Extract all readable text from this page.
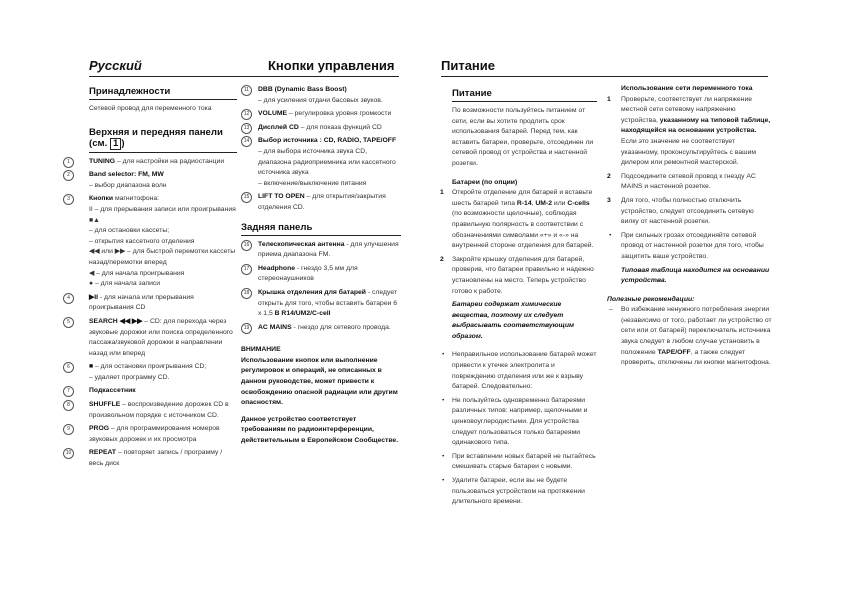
Русский	Кнопки управления	Питание
Принадлежности

Сетевой провод для переменного тока

Верхняя и передняя панели (см. 1 )
1	TUNING – для настройки на радиостанции
2	Band selector: FM, MW
– выбор диапазона волн
3	Кнопки магнитофона:
II – для прерывания записи или проигрывания
■▲
– для остановки кассеты;
– открытия кассетного отделения
◀◀ или ▶▶ – для быстрой перемотки кассеты назад/перемотки вперед
◀ – для начала проигрывания
● – для начала записи
4	▶II - для начала или прерывания проигрывания CD
5	SEARCH ◀◀ ▶▶ – CD: для перехода через звуковые дорожки или поиска определенного пассажа/звуковой дорожки в направлении назад или вперед
6	■ – для остановки проигрывания CD;
– удаляет программу CD.
7	Подкассетник
8	SHUFFLE – воспроизведение дорожек CD в произвольном порядке с источником CD.
9	PROG – для программирования номеров звуковых дорожек и их просмотра
10	REPEAT – повторяет запись / программу / весь диск
11	DBB (Dynamic Bass Boost)
– для усиления отдачи басовых звуков.
12	VOLUME – регулировка уровня громкости
13	Дисплей CD – для показа функций CD
14	Выбор источника : CD, RADIO, TAPE/OFF
– для выбора источника звука CD, диапазона радиоприемника или кассетного источника звука
– включение/выключение питания
15	LIFT TO OPEN – для открытия/закрытия отделения CD.
Задняя панель
16	Телескопическая антенна - для улучшения приема диапазона FM.
17	Headphone - гнездо 3,5 мм для стереонаушников
18	Крышка отделения для батарей - следует открыть для того, чтобы вставить батареи 6 x 1,5 В R14/UM2/C-cell
19	AC MAINS - гнездо для сетевого провода.

ВНИМАНИЕ

Использование кнопок или выполнение регулировок и операций, не описанных в данном руководстве, может привести к освобождению опасной радиации или другим опасностям.

Данное устройство соответствует требованиям по радиоинтерференции, действительным в Европейском Сообществе.

Питание

По возможности пользуйтесь питанием от сети, если вы хотите продлить срок использования батарей. Перед тем, как вставить батареи, проверьте, отсоединен ли сетевой провод от устройства и настенной розетки.

Батареи (по опции)

1 Откройте отделение для батарей и вставьте шесть батарей типа R-14, UM-2 или C-cells (по возможности щелочные), соблюдая правильную полярность в соответствии с обозначениями символами «+» и «-» на внутренней стороне отделения для батарей.
2 Закройте крышку отделения для батарей, проверив, что батареи правильно и надежно установлены на место. Теперь устройство готово к работе.

Батареи содержат химические вещества, поэтому их следует выбрасывать соответствующим образом.

• Неправильное использование батарей может привести к утечке электролита и повреждению отделения или же к взрыву батарей. Следовательно:
• Не пользуйтесь одновременно батареями различных типов: например, щелочными и цинковоуглеродистыми. Для устройства следует пользоваться только батареями одинакового типа.
• При вставлении новых батарей не пытайтесь смешивать старые батареи с новыми.
• Удалите батареи, если вы не будете пользоваться устройством на протяжении длительного времени.

Использование сети переменного тока

1 Проверьте, соответствует ли напряжение местной сети сетевому напряжению устройства, указанному на типовой таблице, находящейся на основании устройства. Если это значение не соответствует указанному, проконсультируйтесь с вашим дилером или ремонтной мастерской.
2 Подсоедините сетевой провод к гнезду AC MAINS и настенной розетке.
3 Для того, чтобы полностью отключить устройство, следует отсоединить сетевую вилку от настенной розетки.
• При сильных грозах отсоединяйте сетевой провод от настенной розетки для того, чтобы защитить ваше устройство.

Типовая таблица находится на основании устройства.

Полезные рекомендации:

– Во избежание ненужного потребления энергии (независимо от того, работает ли устройство от сети или от батарей) переключатель источника звука следует в любом случае установить в положение TAPE/OFF, а также следует проверить, отключены ли кнопки магнитофона.
